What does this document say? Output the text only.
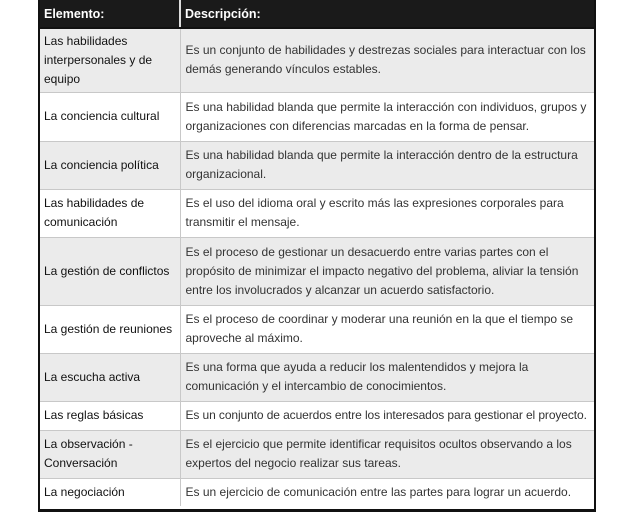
Elemento:	Descripción:
Las habilidades interpersonales y de equipo	Es un conjunto de habilidades y destrezas sociales para interactuar con los demás generando vínculos estables.
La conciencia cultural	Es una habilidad blanda que permite la interacción con individuos, grupos y organizaciones con diferencias marcadas en la forma de pensar.
La conciencia política	Es una habilidad blanda que permite la interacción dentro de la estructura organizacional.
Las habilidades de comunicación	Es el uso del idioma oral y escrito más las expresiones corporales para transmitir el mensaje.
La gestión de conflictos	Es el proceso de gestionar un desacuerdo entre varias partes con el propósito de minimizar el impacto negativo del problema, aliviar la tensión entre los involucrados y alcanzar un acuerdo satisfactorio.
La gestión de reuniones	Es el proceso de coordinar y moderar una reunión en la que el tiempo se aproveche al máximo.
La escucha activa	Es una forma que ayuda a reducir los malentendidos y mejora la comunicación y el intercambio de conocimientos.
Las reglas básicas	Es un conjunto de acuerdos entre los interesados para gestionar el proyecto.
La observación - Conversación	Es el ejercicio que permite identificar requisitos ocultos observando a los expertos del negocio realizar sus tareas.
La negociación	Es un ejercicio de comunicación entre las partes para lograr un acuerdo.
